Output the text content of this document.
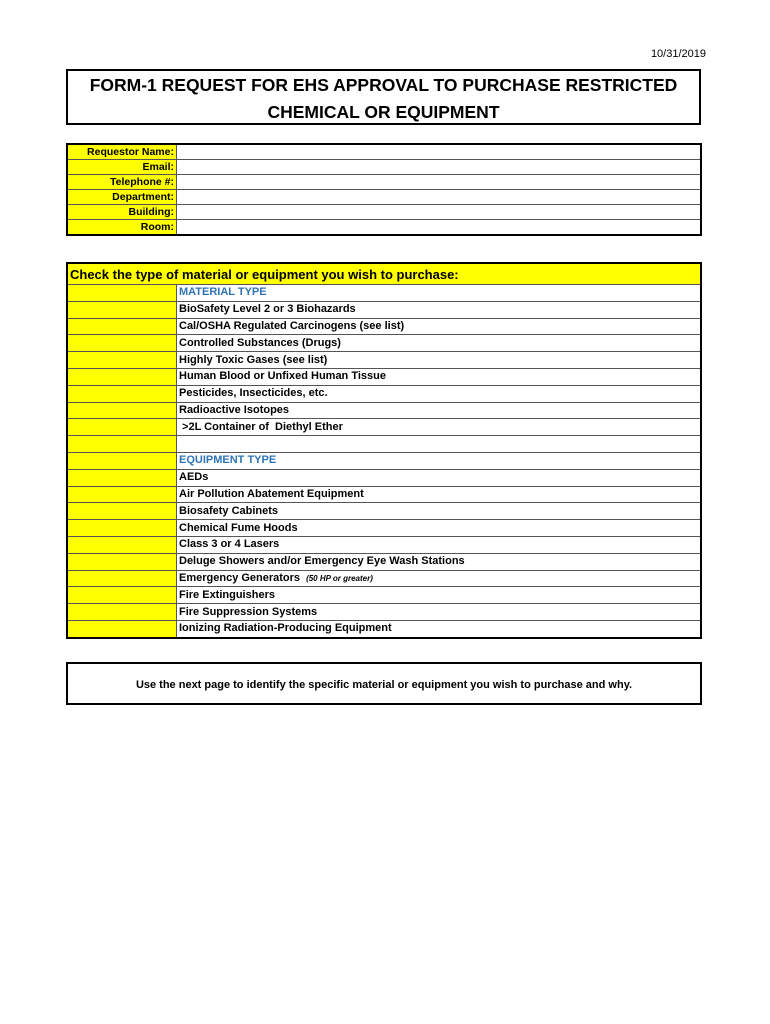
10/31/2019
FORM-1 REQUEST FOR EHS APPROVAL TO PURCHASE RESTRICTED
CHEMICAL OR EQUIPMENT
Requestor Name:	
Email:	
Telephone #:	
Department:	
Building:	
Room:	
Check the type of material or equipment you wish to purchase:	
	MATERIAL TYPE
	BioSafety Level 2 or 3 Biohazards
	Cal/OSHA Regulated Carcinogens (see list)
	Controlled Substances (Drugs)
	Highly Toxic Gases (see list)
	Human Blood or Unfixed Human Tissue
	Pesticides, Insecticides, etc.
	Radioactive Isotopes
	>2L Container of  Diethyl Ether

	EQUIPMENT TYPE
	AEDs
	Air Pollution Abatement Equipment
	Biosafety Cabinets
	Chemical Fume Hoods
	Class 3 or 4 Lasers
	Deluge Showers and/or Emergency Eye Wash Stations
	Emergency Generators (50 HP or greater)
	Fire Extinguishers
	Fire Suppression Systems
	Ionizing Radiation-Producing Equipment
Use the next page to identify the specific material or equipment you wish to purchase and why.
